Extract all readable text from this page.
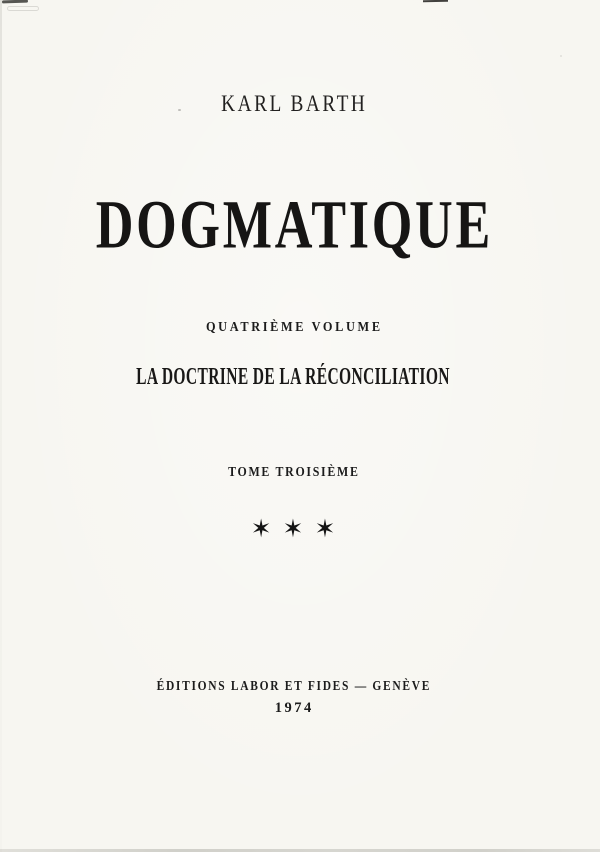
KARL BARTH
DOGMATIQUE
QUATRIÈME VOLUME
LA DOCTRINE DE LA RÉCONCILIATION
TOME TROISIÈME
✶✶✶
ÉDITIONS LABOR ET FIDES — GENÈVE
1974
